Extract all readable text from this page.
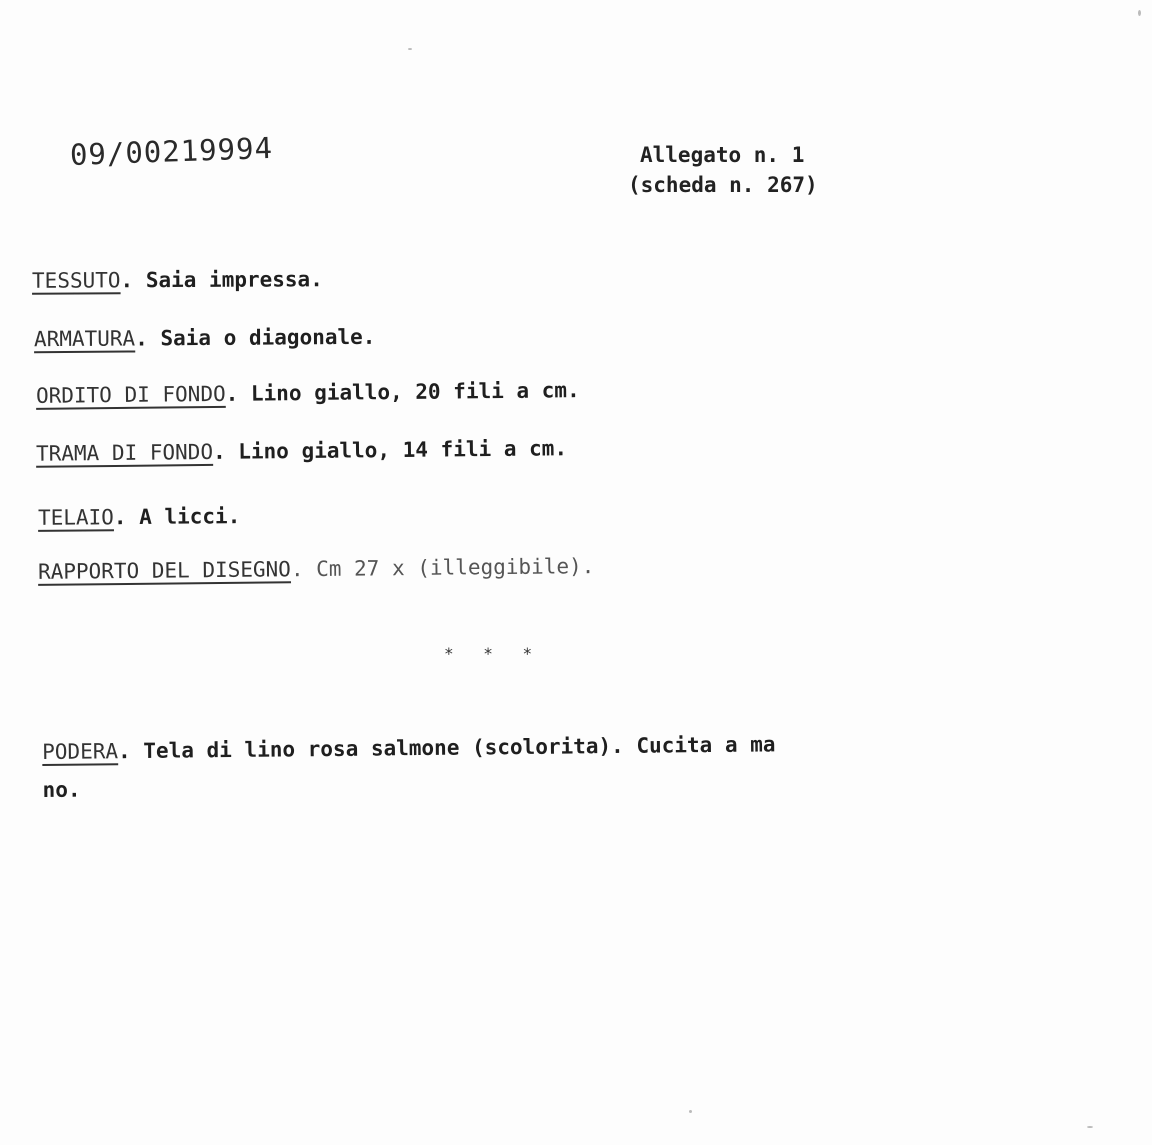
09/00219994	Allegato n. 1
(scheda n. 267)
TESSUTO. Saia impressa.
ARMATURA. Saia o diagonale.
ORDITO DI FONDO. Lino giallo, 20 fili a cm.
TRAMA DI FONDO. Lino giallo, 14 fili a cm.
TELAIO. A licci.
RAPPORTO DEL DISEGNO. Cm 27 x (illeggibile).
* * *
PODERA. Tela di lino rosa salmone (scolorita). Cucita a ma
no.
